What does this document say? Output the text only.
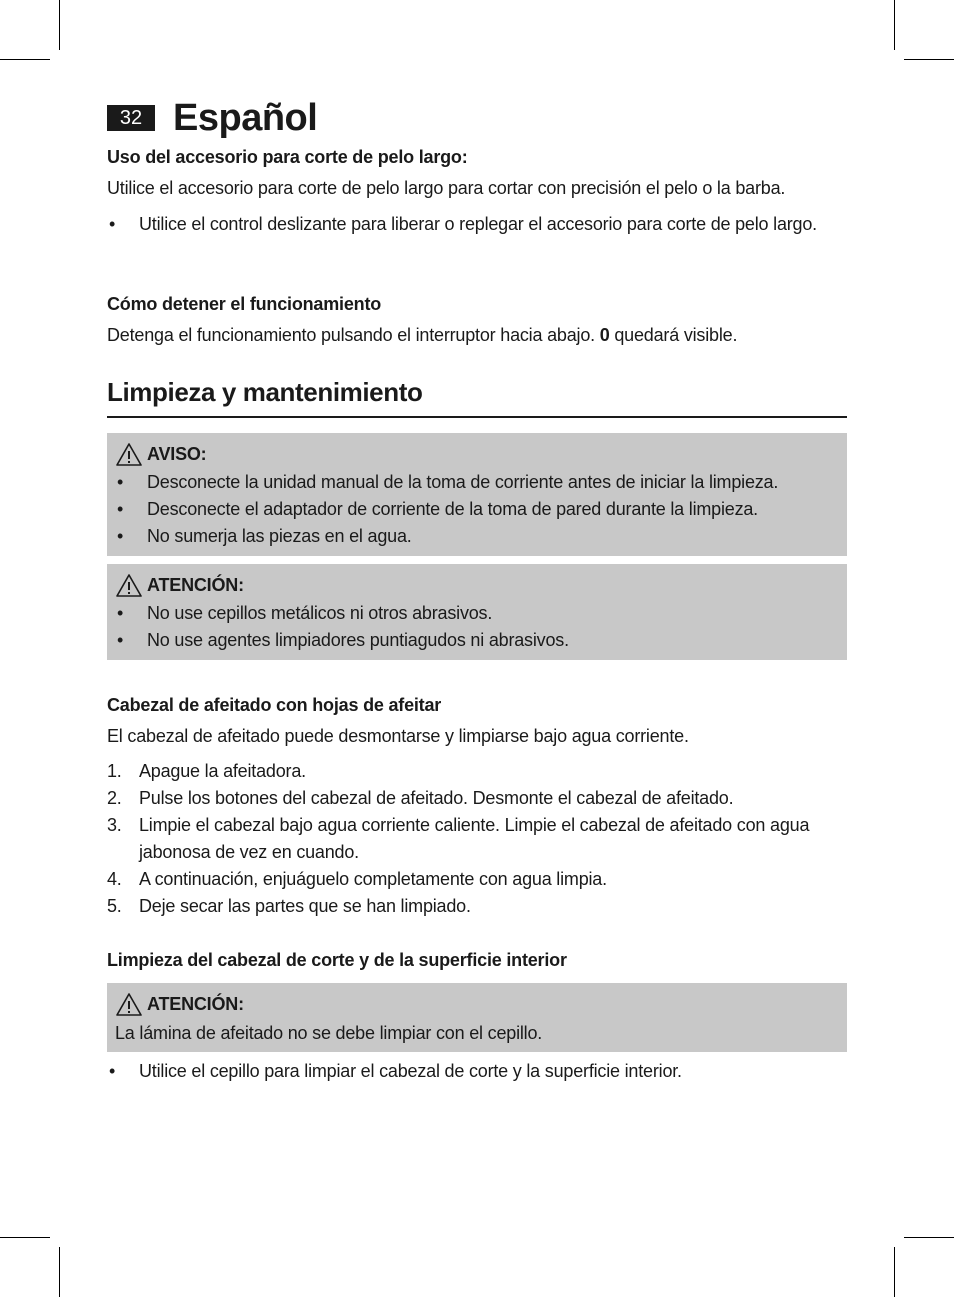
32 Español
Uso del accesorio para corte de pelo largo:
Utilice el accesorio para corte de pelo largo para cortar con precisión el pelo o la barba.
• Utilice el control deslizante para liberar o replegar el accesorio para corte de pelo largo.
Cómo detener el funcionamiento
Detenga el funcionamiento pulsando el interruptor hacia abajo. 0 quedará visible.
Limpieza y mantenimiento
AVISO:
• Desconecte la unidad manual de la toma de corriente antes de iniciar la limpieza.
• Desconecte el adaptador de corriente de la toma de pared durante la limpieza.
• No sumerja las piezas en el agua.
ATENCIÓN:
• No use cepillos metálicos ni otros abrasivos.
• No use agentes limpiadores puntiagudos ni abrasivos.
Cabezal de afeitado con hojas de afeitar
El cabezal de afeitado puede desmontarse y limpiarse bajo agua corriente.
1. Apague la afeitadora.
2. Pulse los botones del cabezal de afeitado. Desmonte el cabezal de afeitado.
3. Limpie el cabezal bajo agua corriente caliente. Limpie el cabezal de afeitado con agua jabonosa de vez en cuando.
4. A continuación, enjuáguelo completamente con agua limpia.
5. Deje secar las partes que se han limpiado.
Limpieza del cabezal de corte y de la superficie interior
ATENCIÓN:
La lámina de afeitado no se debe limpiar con el cepillo.
• Utilice el cepillo para limpiar el cabezal de corte y la superficie interior.
